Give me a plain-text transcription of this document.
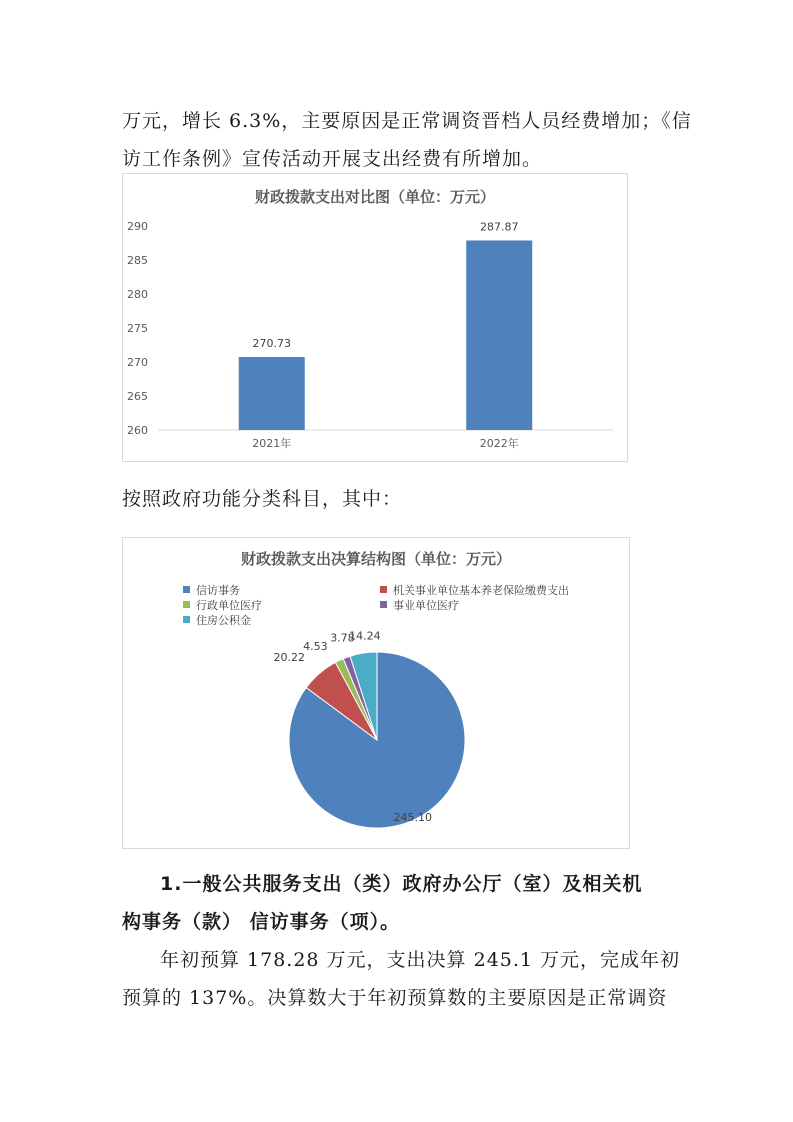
万元，增长 6.3%，主要原因是正常调资晋档人员经费增加；《信

访工作条例》宣传活动开展支出经费有所增加。

财政拨款支出对比图（单位：万元）
260
265
270
275
280
285
290
270.73
2021年
287.87
2022年

按照政府功能分类科目，其中：

财政拨款支出决算结构图（单位：万元）
信访事务	机关事业单位基本养老保险缴费支出
行政单位医疗	事业单位医疗
住房公积金
245.10
20.22
4.53
3.78
14.24

1.一般公共服务支出（类）政府办公厅（室）及相关机

构事务（款） 信访事务（项）。

年初预算 178.28 万元，支出决算 245.1 万元，完成年初

预算的 137%。决算数大于年初预算数的主要原因是正常调资
